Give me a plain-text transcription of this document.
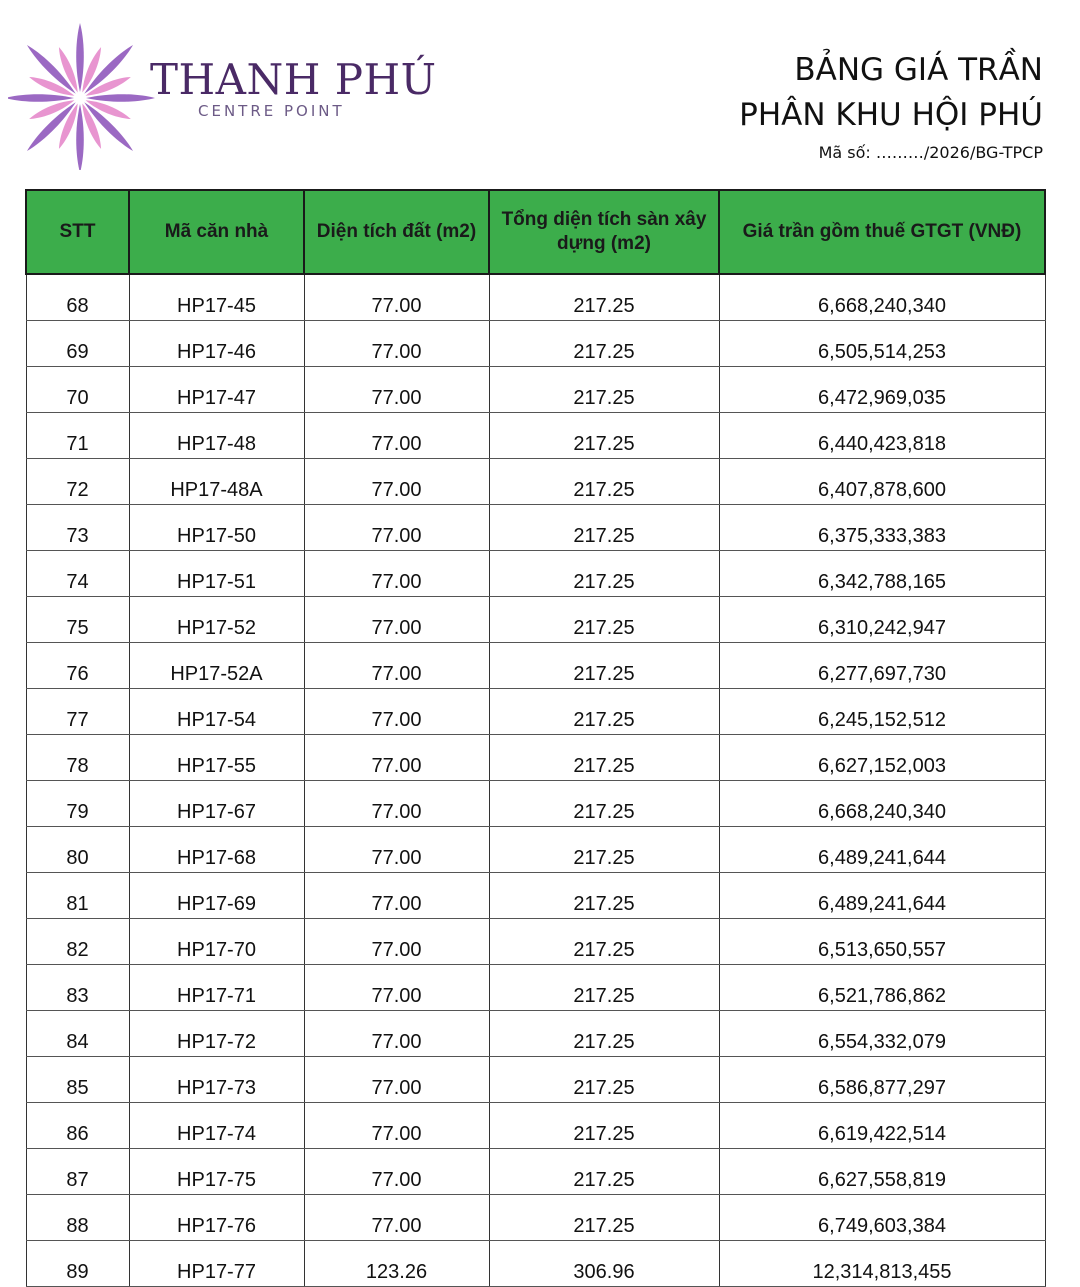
THANH PHÚ
CENTRE POINT
BẢNG GIÁ TRẦN
PHÂN KHU HỘI PHÚ
Mã số: ………/2026/BG-TPCP
STT	Mã căn nhà	Diện tích đất (m2)	Tổng diện tích sàn xây dựng (m2)	Giá trần gồm thuế GTGT (VNĐ)
68	HP17-45	77.00	217.25	6,668,240,340
69	HP17-46	77.00	217.25	6,505,514,253
70	HP17-47	77.00	217.25	6,472,969,035
71	HP17-48	77.00	217.25	6,440,423,818
72	HP17-48A	77.00	217.25	6,407,878,600
73	HP17-50	77.00	217.25	6,375,333,383
74	HP17-51	77.00	217.25	6,342,788,165
75	HP17-52	77.00	217.25	6,310,242,947
76	HP17-52A	77.00	217.25	6,277,697,730
77	HP17-54	77.00	217.25	6,245,152,512
78	HP17-55	77.00	217.25	6,627,152,003
79	HP17-67	77.00	217.25	6,668,240,340
80	HP17-68	77.00	217.25	6,489,241,644
81	HP17-69	77.00	217.25	6,489,241,644
82	HP17-70	77.00	217.25	6,513,650,557
83	HP17-71	77.00	217.25	6,521,786,862
84	HP17-72	77.00	217.25	6,554,332,079
85	HP17-73	77.00	217.25	6,586,877,297
86	HP17-74	77.00	217.25	6,619,422,514
87	HP17-75	77.00	217.25	6,627,558,819
88	HP17-76	77.00	217.25	6,749,603,384
89	HP17-77	123.26	306.96	12,314,813,455
